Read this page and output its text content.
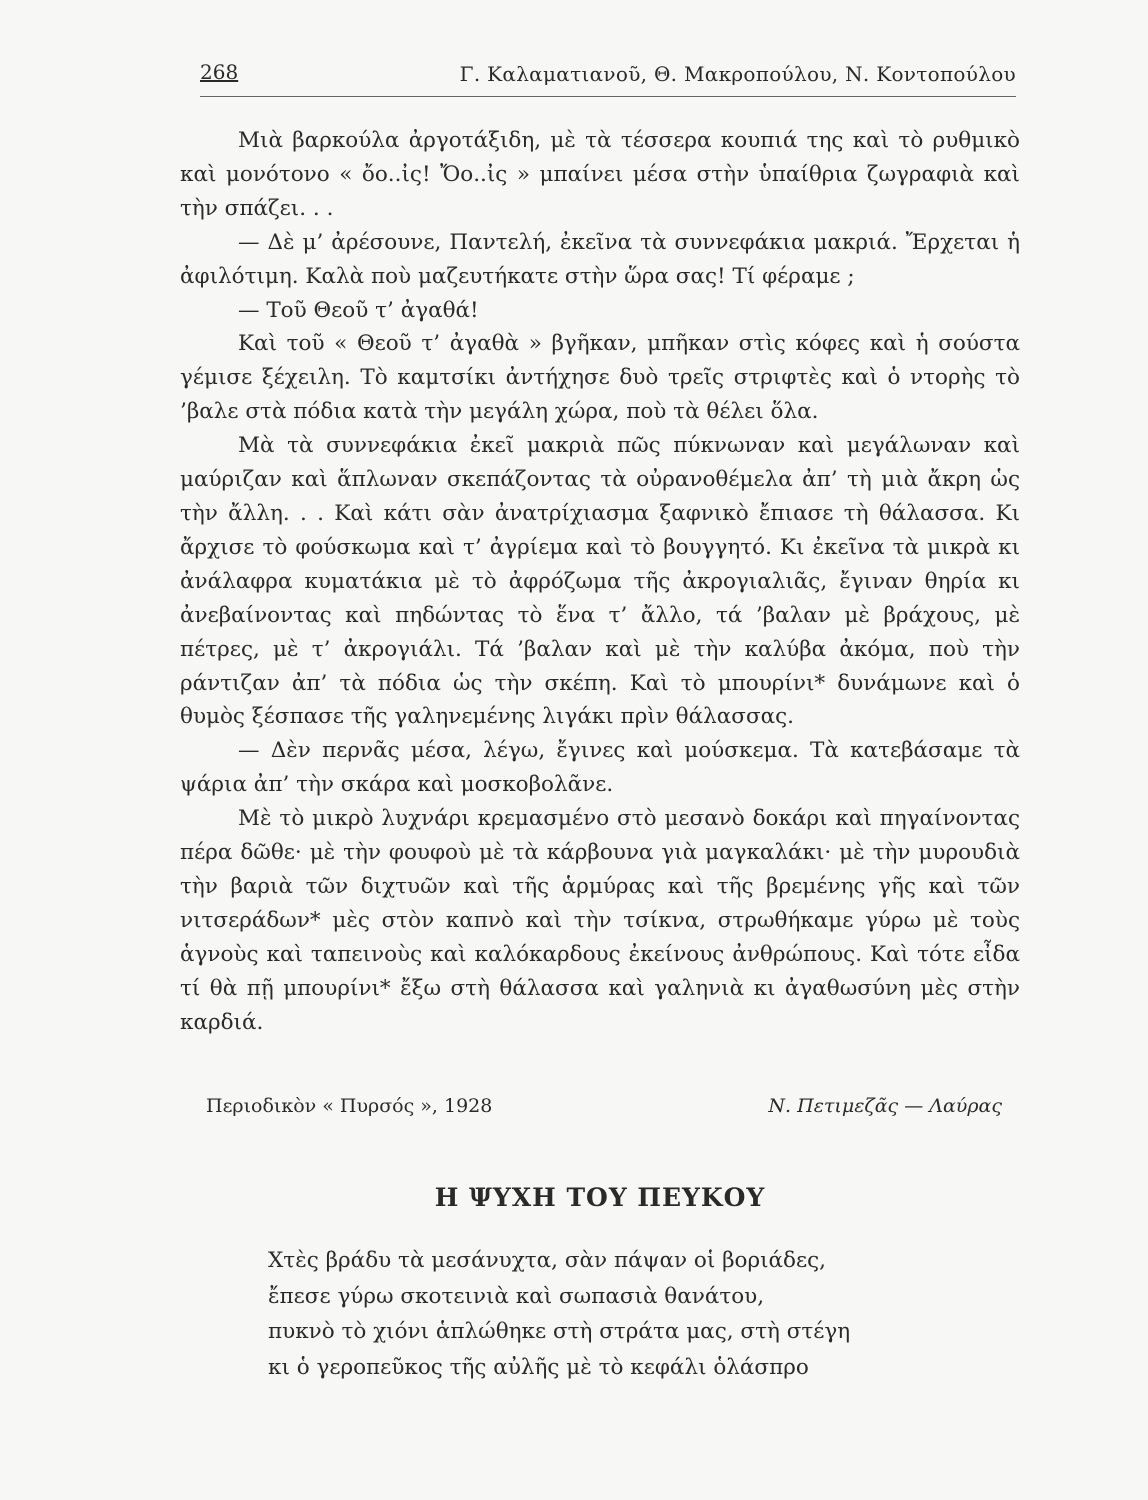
268	Γ. Καλαματιανοῦ, Θ. Μακροπούλου, Ν. Κοντοπούλου

Μιὰ βαρκούλα ἀργοτάξιδη, μὲ τὰ τέσσερα κουπιά της καὶ τὸ ρυθμικὸ καὶ μονότονο « ὄο..ἰς! Ὄο..ἰς » μπαίνει μέσα στὴν ὑπαίθρια ζωγραφιὰ καὶ τὴν σπάζει. . .

— Δὲ μ’ ἀρέσουνε, Παντελή, ἐκεῖνα τὰ συννεφάκια μακριά. Ἔρχεται ἡ ἀφιλότιμη. Καλὰ ποὺ μαζευτήκατε στὴν ὥρα σας! Τί φέραμε ;

— Τοῦ Θεοῦ τ’ ἀγαθά!

Καὶ τοῦ « Θεοῦ τ’ ἀγαθὰ » βγῆκαν, μπῆκαν στὶς κόφες καὶ ἡ σούστα γέμισε ξέχειλη. Τὸ καμτσίκι ἀντήχησε δυὸ τρεῖς στριφτὲς καὶ ὁ ντορὴς τὸ ’βαλε στὰ πόδια κατὰ τὴν μεγάλη χώρα, ποὺ τὰ θέλει ὅλα.

Μὰ τὰ συννεφάκια ἐκεῖ μακριὰ πῶς πύκνωναν καὶ μεγάλωναν καὶ μαύριζαν καὶ ἅπλωναν σκεπάζοντας τὰ οὐρανοθέμελα ἀπ’ τὴ μιὰ ἄκρη ὡς τὴν ἄλλη. . . Καὶ κάτι σὰν ἀνατρίχιασμα ξαφνικὸ ἔπιασε τὴ θάλασσα. Κι ἄρχισε τὸ φούσκωμα καὶ τ’ ἀγρίεμα καὶ τὸ βουγγητό. Κι ἐκεῖνα τὰ μικρὰ κι ἀνάλαφρα κυματάκια μὲ τὸ ἀφρόζωμα τῆς ἀκρογιαλιᾶς, ἔγιναν θηρία κι ἀνεβαίνοντας καὶ πηδώντας τὸ ἕνα τ’ ἄλλο, τά ’βαλαν μὲ βράχους, μὲ πέτρες, μὲ τ’ ἀκρογιάλι. Τά ’βαλαν καὶ μὲ τὴν καλύβα ἀκόμα, ποὺ τὴν ράντιζαν ἀπ’ τὰ πόδια ὡς τὴν σκέπη. Καὶ τὸ μπουρίνι* δυνάμωνε καὶ ὁ θυμὸς ξέσπασε τῆς γαληνεμένης λιγάκι πρὶν θάλασσας.

— Δὲν περνᾶς μέσα, λέγω, ἔγινες καὶ μούσκεμα. Τὰ κατεβάσαμε τὰ ψάρια ἀπ’ τὴν σκάρα καὶ μοσκοβολᾶνε.

Μὲ τὸ μικρὸ λυχνάρι κρεμασμένο στὸ μεσανὸ δοκάρι καὶ πηγαίνοντας πέρα δῶθε· μὲ τὴν φουφοὺ μὲ τὰ κάρβουνα γιὰ μαγκαλάκι· μὲ τὴν μυρουδιὰ τὴν βαριὰ τῶν διχτυῶν καὶ τῆς ἁρμύρας καὶ τῆς βρεμένης γῆς καὶ τῶν νιτσεράδων* μὲς στὸν καπνὸ καὶ τὴν τσίκνα, στρωθήκαμε γύρω μὲ τοὺς ἁγνοὺς καὶ ταπεινοὺς καὶ καλόκαρδους ἐκείνους ἀνθρώπους. Καὶ τότε εἶδα τί θὰ πῇ μπουρίνι* ἔξω στὴ θάλασσα καὶ γαληνιὰ κι ἀγαθωσύνη μὲς στὴν καρδιά.

Περιοδικὸν « Πυρσός », 1928	Ν. Πετιμεζᾶς — Λαύρας
Η ΨΥΧΗ ΤΟΥ ΠΕΥΚΟΥ
Χτὲς βράδυ τὰ μεσάνυχτα, σὰν πάψαν οἱ βοριάδες,
ἔπεσε γύρω σκοτεινιὰ καὶ σωπασιὰ θανάτου,
πυκνὸ τὸ χιόνι ἁπλώθηκε στὴ στράτα μας, στὴ στέγη
κι ὁ γεροπεῦκος τῆς αὐλῆς μὲ τὸ κεφάλι ὁλάσπρο
